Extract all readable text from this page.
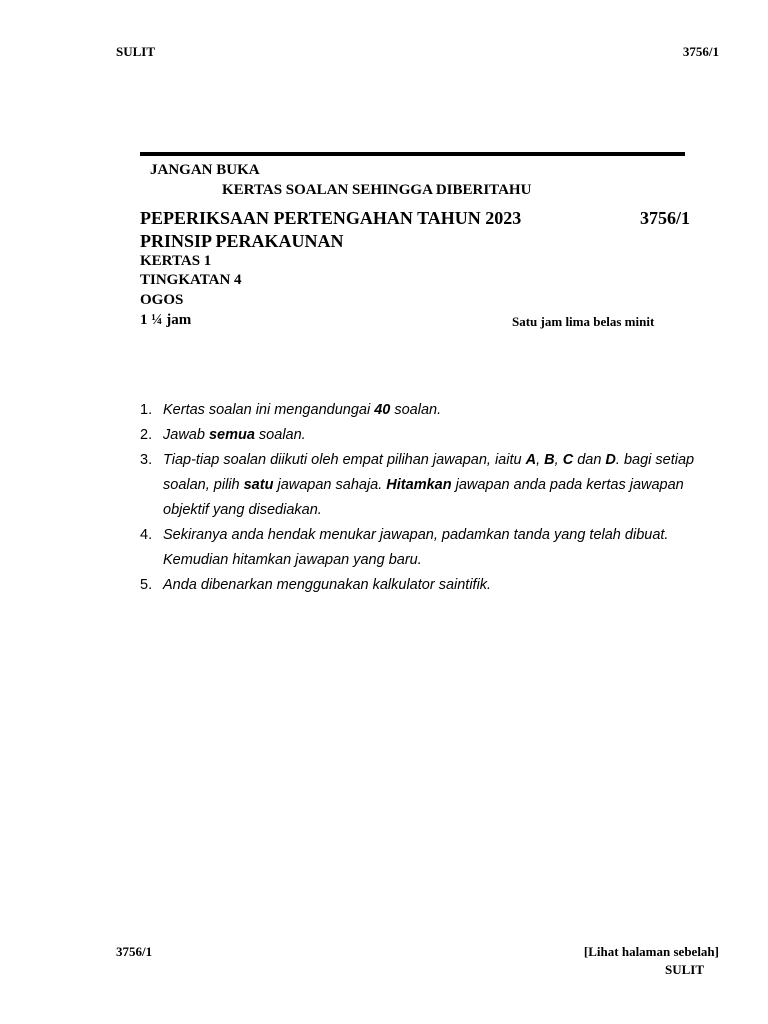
SULIT	3756/1
JANGAN BUKA
KERTAS SOALAN SEHINGGA DIBERITAHU
PEPERIKSAAN PERTENGAHAN TAHUN 2023	3756/1
PRINSIP PERAKAUNAN
KERTAS 1
TINGKATAN 4
OGOS
1 ¼ jam	Satu jam lima belas minit
1. Kertas soalan ini mengandungai 40 soalan.
2. Jawab semua soalan.
3. Tiap-tiap soalan diikuti oleh empat pilihan jawapan, iaitu A, B, C dan D. bagi setiap soalan, pilih satu jawapan sahaja. Hitamkan jawapan anda pada kertas jawapan objektif yang disediakan.
4. Sekiranya anda hendak menukar jawapan, padamkan tanda yang telah dibuat. Kemudian hitamkan jawapan yang baru.
5. Anda dibenarkan menggunakan kalkulator saintifik.
3756/1	[Lihat halaman sebelah]
SULIT
